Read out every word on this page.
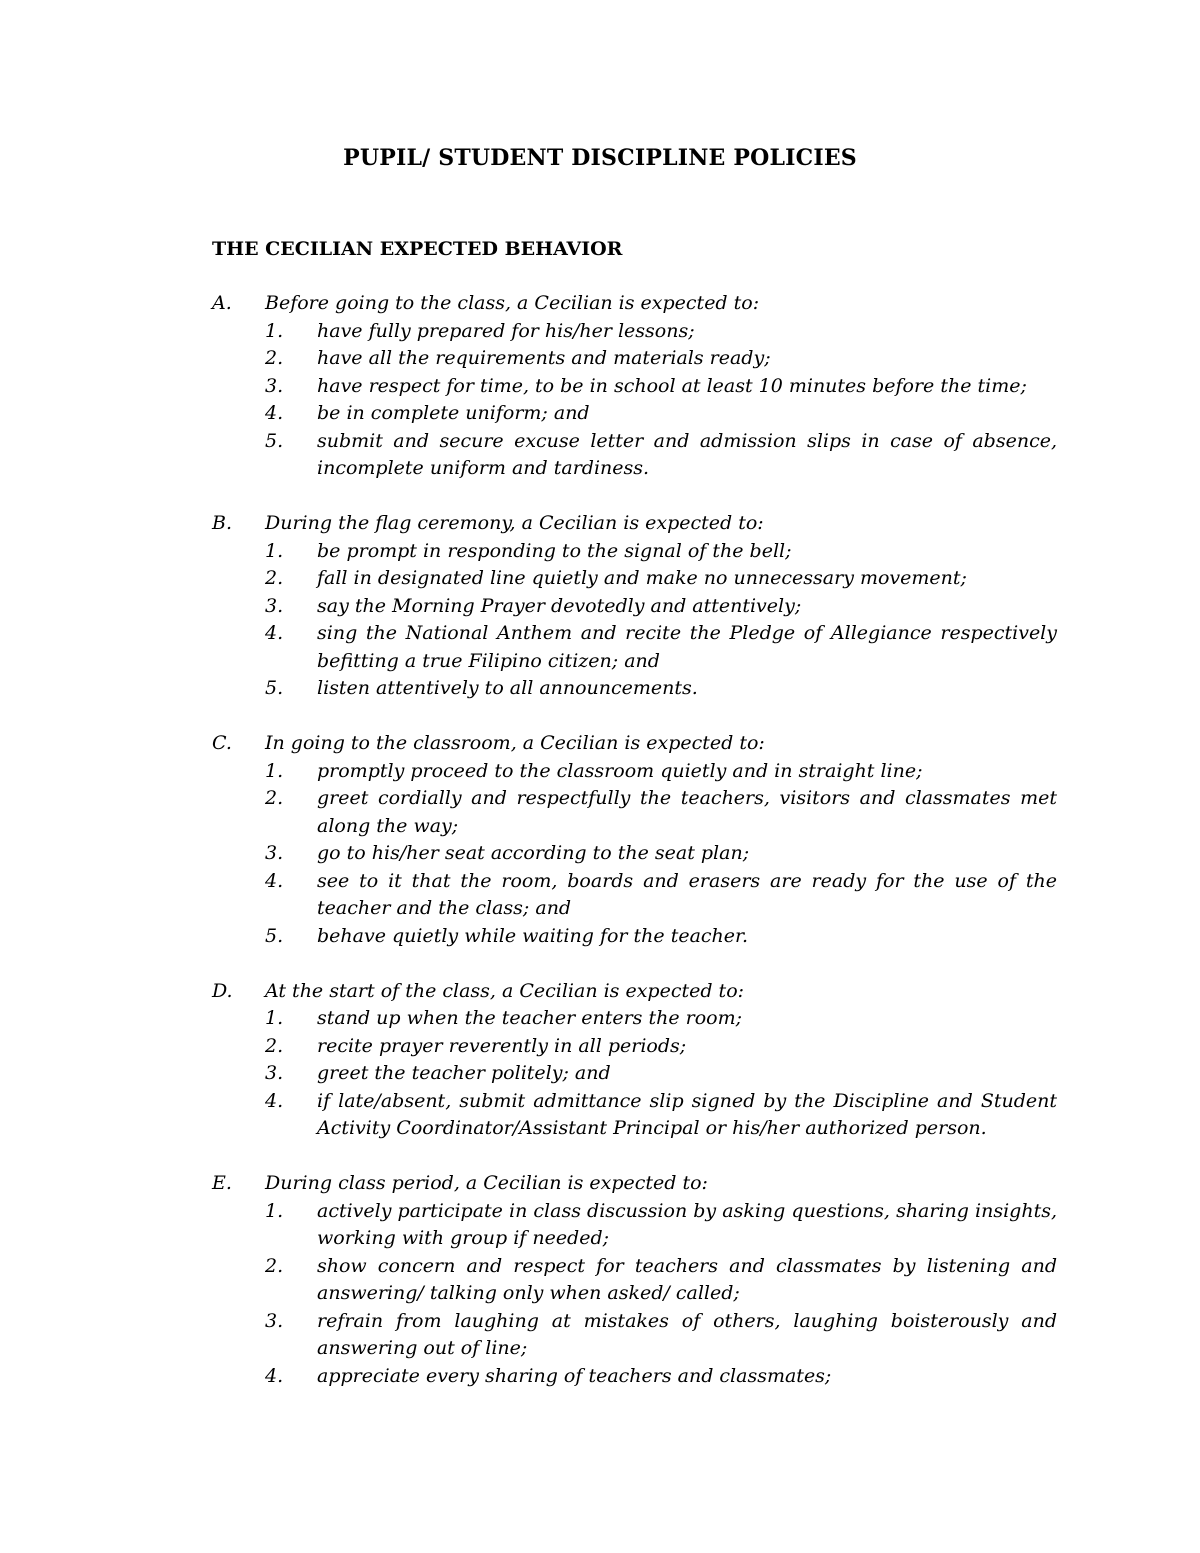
PUPIL/ STUDENT DISCIPLINE POLICIES
THE CECILIAN EXPECTED BEHAVIOR
A. Before going to the class, a Cecilian is expected to:
1. have fully prepared for his/her lessons;
2. have all the requirements and materials ready;
3. have respect for time, to be in school at least 10 minutes before the time;
4. be in complete uniform; and
5. submit and secure excuse letter and admission slips in case of absence, incomplete uniform and tardiness.
B. During the flag ceremony, a Cecilian is expected to:
1. be prompt in responding to the signal of the bell;
2. fall in designated line quietly and make no unnecessary movement;
3. say the Morning Prayer devotedly and attentively;
4. sing the National Anthem and recite the Pledge of Allegiance respectively befitting a true Filipino citizen; and
5. listen attentively to all announcements.
C. In going to the classroom, a Cecilian is expected to:
1. promptly proceed to the classroom quietly and in straight line;
2. greet cordially and respectfully the teachers, visitors and classmates met along the way;
3. go to his/her seat according to the seat plan;
4. see to it that the room, boards and erasers are ready for the use of the teacher and the class; and
5. behave quietly while waiting for the teacher.
D. At the start of the class, a Cecilian is expected to:
1. stand up when the teacher enters the room;
2. recite prayer reverently in all periods;
3. greet the teacher politely; and
4. if late/absent, submit admittance slip signed by the Discipline and Student Activity Coordinator/Assistant Principal or his/her authorized person.
E. During class period, a Cecilian is expected to:
1. actively participate in class discussion by asking questions, sharing insights, working with group if needed;
2. show concern and respect for teachers and classmates by listening and answering/ talking only when asked/ called;
3. refrain from laughing at mistakes of others, laughing boisterously and answering out of line;
4. appreciate every sharing of teachers and classmates;
